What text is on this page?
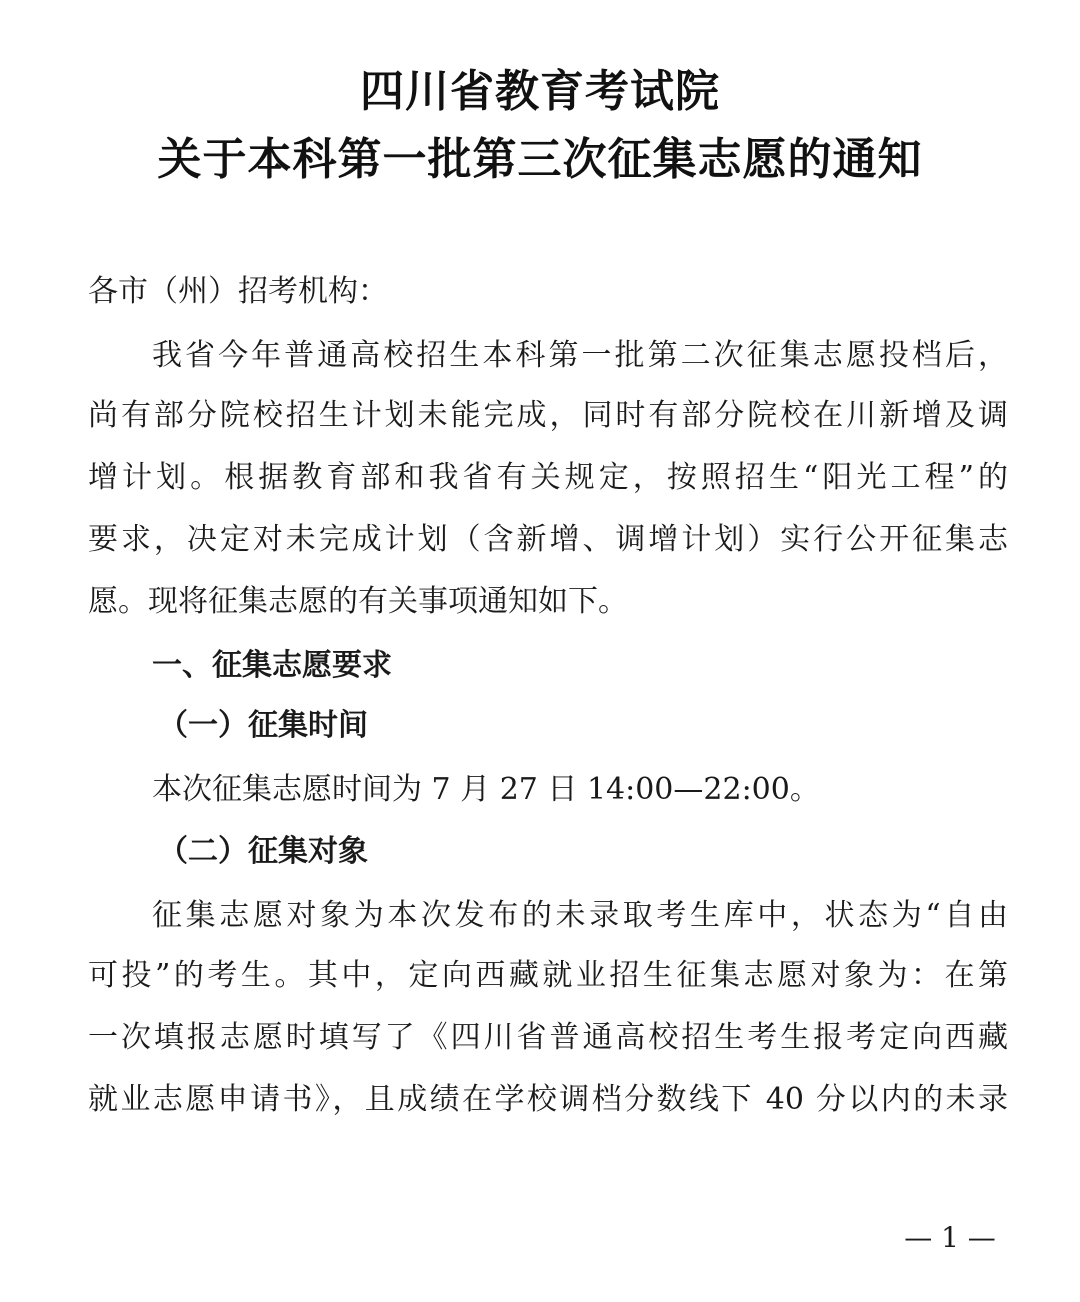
四川省教育考试院
关于本科第一批第三次征集志愿的通知
各市（州）招考机构：
我省今年普通高校招生本科第一批第二次征集志愿投档后，
尚有部分院校招生计划未能完成，同时有部分院校在川新增及调
增计划。根据教育部和我省有关规定，按照招生“阳光工程”的
要求，决定对未完成计划（含新增、调增计划）实行公开征集志
愿。现将征集志愿的有关事项通知如下。
一、征集志愿要求
（一）征集时间
本次征集志愿时间为 7 月 27 日 14:00—22:00。
（二）征集对象
征集志愿对象为本次发布的未录取考生库中，状态为“自由
可投”的考生。其中，定向西藏就业招生征集志愿对象为：在第
一次填报志愿时填写了《四川省普通高校招生考生报考定向西藏
就业志愿申请书》，且成绩在学校调档分数线下 40 分以内的未录
— 1 —
